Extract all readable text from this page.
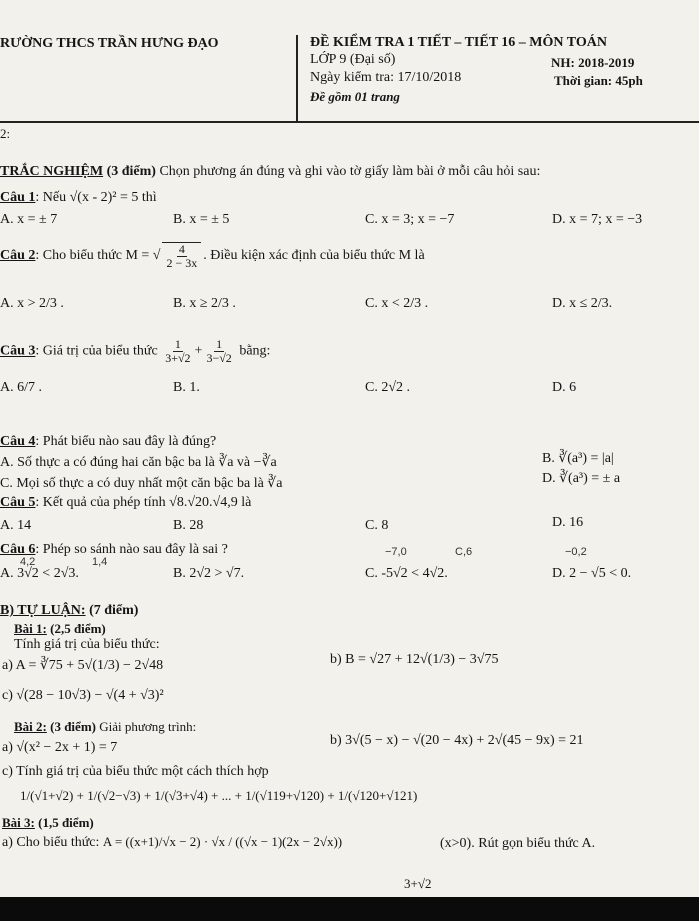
RƯỜNG THCS TRẦN HƯNG ĐẠO	ĐỀ KIỂM TRA 1 TIẾT – TIẾT 16 – MÔN TOÁN
LỚP 9 (Đại số)	NH: 2018-2019
Ngày kiểm tra: 17/10/2018	Thời gian: 45ph
Đề gồm 01 trang
2:
TRẮC NGHIỆM (3 điểm) Chọn phương án đúng và ghi vào tờ giấy làm bài ở mỗi câu hỏi sau:
Câu 1: Nếu √(x - 2)² = 5 thì
A. x = ± 7	B. x = ± 5	C. x = 3; x = −7	D. x = 7; x = −3
Câu 2: Cho biểu thức M = √ $\frac{4}{2 - 3x}$ . Điều kiện xác định của biểu thức M là
A. x > 2/3 .	B. x ≥ 2/3 .	C. x < 2/3 .	D. x ≤ 2/3.
Câu 3: Giá trị của biểu thức $\frac{1}{3+√2} + \frac{1}{3-√2}$ bằng:
A. 6/7 .	B. 1.	C. 2√2 .	D. 6
Câu 4: Phát biểu nào sau đây là đúng?
A. Số thực a có đúng hai căn bậc ba là ∛a và −∛a	B. ∛(a³) = |a|
C. Mọi số thực a có duy nhất một căn bậc ba là ∛a	D. ∛(a³) = ± a
Câu 5: Kết quả của phép tính √8.√20.√4,9 là
A. 14	B. 28	C. 8	D. 16
Câu 6: Phép so sánh nào sau đây là sai ?
4,2	1,4
−7,0	C,6	−0,2
A. 3√2 < 2√3.	B. 2√2 > √7.	C. -5√2 < 4√2.	D. 2 − √5 < 0.
B) TỰ LUẬN: (7 điểm)
Bài 1: (2,5 điểm)
Tính giá trị của biểu thức:
a) A = ∛75 + 5√(1/3) − 2√48	b) B = √27 + 12√(1/3) − 3√75
c) √(28 − 10√3) − √(4 + √3)²
Bài 2: (3 điểm) Giải phương trình:
a) √(x² − 2x + 1) = 7	b) 3√(5 − x) − √(20 − 4x) + 2√(45 − 9x) = 21
c) Tính giá trị của biểu thức một cách thích hợp
1/(√1+√2) + 1/(√2−√3) + 1/(√3+√4) + ... + 1/(√119+√120) + 1/(√120+√121)
Bài 3: (1,5 điểm)
a) Cho biểu thức: A = ((x+1)/√x − 2) · √x / ((√x − 1)(2x − 2√x))	(x>0). Rút gọn biểu thức A.
3+√2
